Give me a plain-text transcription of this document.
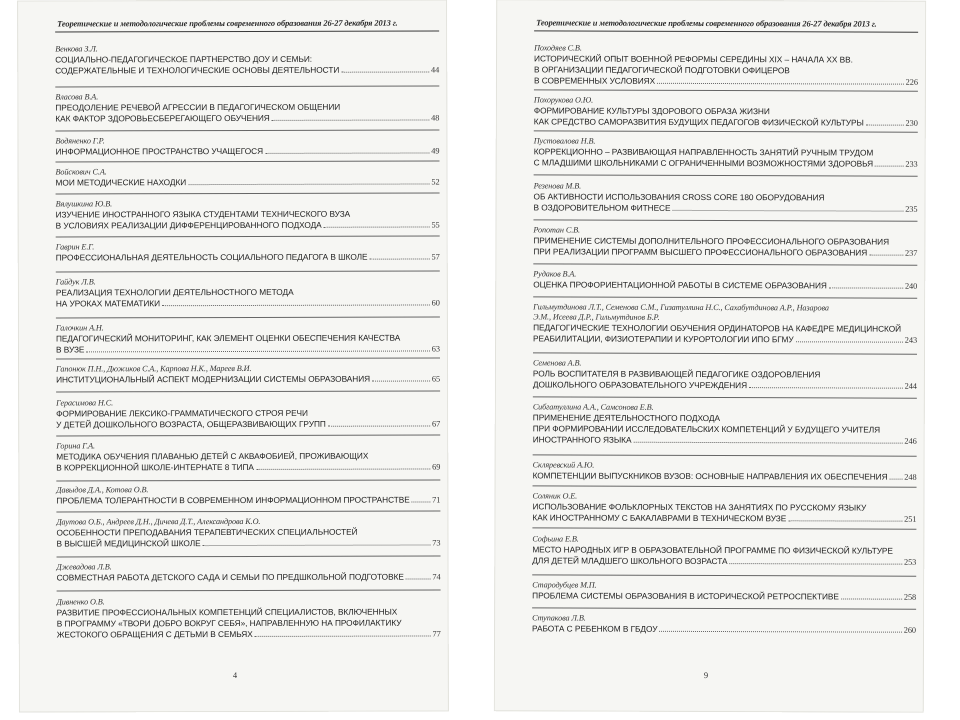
Теоретические и методологические проблемы современного образования 26-27 декабря 2013 г.
Венкова З.Л.
СОЦИАЛЬНО-ПЕДАГОГИЧЕСКОЕ ПАРТНЕРСТВО ДОУ И СЕМЬИ:
СОДЕРЖАТЕЛЬНЫЕ И ТЕХНОЛОГИЧЕСКИЕ ОСНОВЫ ДЕЯТЕЛЬНОСТИ	44
Власова В.А.
ПРЕОДОЛЕНИЕ РЕЧЕВОЙ АГРЕССИИ В ПЕДАГОГИЧЕСКОМ ОБЩЕНИИ
КАК ФАКТОР ЗДОРОВЬЕСБЕРЕГАЮЩЕГО ОБУЧЕНИЯ	48
Водяненко Г.Р.
ИНФОРМАЦИОННОЕ ПРОСТРАНСТВО УЧАЩЕГОСЯ	49
Войскович С.А.
МОИ МЕТОДИЧЕСКИЕ НАХОДКИ	52
Вялушкина Ю.В.
ИЗУЧЕНИЕ ИНОСТРАННОГО ЯЗЫКА СТУДЕНТАМИ ТЕХНИЧЕСКОГО ВУЗА
В УСЛОВИЯХ РЕАЛИЗАЦИИ ДИФФЕРЕНЦИРОВАННОГО ПОДХОДА	55
Гаврин Е.Г.
ПРОФЕССИОНАЛЬНАЯ ДЕЯТЕЛЬНОСТЬ СОЦИАЛЬНОГО ПЕДАГОГА В ШКОЛЕ	57
Гайдук Л.В.
РЕАЛИЗАЦИЯ ТЕХНОЛОГИИ ДЕЯТЕЛЬНОСТНОГО МЕТОДА
НА УРОКАХ МАТЕМАТИКИ	60
Галочкин А.Н.
ПЕДАГОГИЧЕСКИЙ МОНИТОРИНГ, КАК ЭЛЕМЕНТ ОЦЕНКИ ОБЕСПЕЧЕНИЯ КАЧЕСТВА
В ВУЗЕ	63
Гапонюк П.Н., Дюжиков С.А., Карпова Н.К., Мареев В.И.
ИНСТИТУЦИОНАЛЬНЫЙ АСПЕКТ МОДЕРНИЗАЦИИ СИСТЕМЫ ОБРАЗОВАНИЯ	65
Герасимова Н.С.
ФОРМИРОВАНИЕ ЛЕКСИКО-ГРАММАТИЧЕСКОГО СТРОЯ РЕЧИ
У ДЕТЕЙ ДОШКОЛЬНОГО ВОЗРАСТА, ОБЩЕРАЗВИВАЮЩИХ ГРУПП	67
Горина Г.А.
МЕТОДИКА ОБУЧЕНИЯ ПЛАВАНЬЮ ДЕТЕЙ С АКВАФОБИЕЙ, ПРОЖИВАЮЩИХ
В КОРРЕКЦИОННОЙ ШКОЛЕ-ИНТЕРНАТЕ 8 ТИПА	69
Давыдов Д.А., Котова О.В.
ПРОБЛЕМА ТОЛЕРАНТНОСТИ В СОВРЕМЕННОМ ИНФОРМАЦИОННОМ ПРОСТРАНСТВЕ	71
Даутова О.Б., Андреев Д.Н., Дичева Д.Т., Александрова К.О.
ОСОБЕННОСТИ ПРЕПОДАВАНИЯ ТЕРАПЕВТИЧЕСКИХ СПЕЦИАЛЬНОСТЕЙ
В ВЫСШЕЙ МЕДИЦИНСКОЙ ШКОЛЕ	73
Джевадова Л.В.
СОВМЕСТНАЯ РАБОТА ДЕТСКОГО САДА И СЕМЬИ ПО ПРЕДШКОЛЬНОЙ ПОДГОТОВКЕ	74
Дивненко О.В.
РАЗВИТИЕ ПРОФЕССИОНАЛЬНЫХ КОМПЕТЕНЦИЙ СПЕЦИАЛИСТОВ, ВКЛЮЧЕННЫХ
В ПРОГРАММУ «ТВОРИ ДОБРО ВОКРУГ СЕБЯ», НАПРАВЛЕННУЮ НА ПРОФИЛАКТИКУ
ЖЕСТОКОГО ОБРАЩЕНИЯ С ДЕТЬМИ В СЕМЬЯХ	77
4
Теоретические и методологические проблемы современного образования 26-27 декабря 2013 г.
Походяев С.В.
ИСТОРИЧЕСКИЙ ОПЫТ ВОЕННОЙ РЕФОРМЫ СЕРЕДИНЫ XIX – НАЧАЛА XX ВВ.
В ОРГАНИЗАЦИИ ПЕДАГОГИЧЕСКОЙ ПОДГОТОВКИ ОФИЦЕРОВ
В СОВРЕМЕННЫХ УСЛОВИЯХ	226
Похорукова О.Ю.
ФОРМИРОВАНИЕ КУЛЬТУРЫ ЗДОРОВОГО ОБРАЗА ЖИЗНИ
КАК СРЕДСТВО САМОРАЗВИТИЯ БУДУЩИХ ПЕДАГОГОВ ФИЗИЧЕСКОЙ КУЛЬТУРЫ	230
Пустовалова Н.В.
КОРРЕКЦИОННО – РАЗВИВАЮЩАЯ НАПРАВЛЕННОСТЬ ЗАНЯТИЙ РУЧНЫМ ТРУДОМ
С МЛАДШИМИ ШКОЛЬНИКАМИ С ОГРАНИЧЕННЫМИ ВОЗМОЖНОСТЯМИ ЗДОРОВЬЯ	233
Резенова М.В.
ОБ АКТИВНОСТИ ИСПОЛЬЗОВАНИЯ CROSS CORE 180 ОБОРУДОВАНИЯ
В ОЗДОРОВИТЕЛЬНОМ ФИТНЕСЕ	235
Ропотан С.В.
ПРИМЕНЕНИЕ СИСТЕМЫ ДОПОЛНИТЕЛЬНОГО ПРОФЕССИОНАЛЬНОГО ОБРАЗОВАНИЯ
ПРИ РЕАЛИЗАЦИИ ПРОГРАММ ВЫСШЕГО ПРОФЕССИОНАЛЬНОГО ОБРАЗОВАНИЯ	237
Рудаков В.А.
ОЦЕНКА ПРОФОРИЕНТАЦИОННОЙ РАБОТЫ В СИСТЕМЕ ОБРАЗОВАНИЯ	240
Гильмутдинова Л.Т., Семенова С.М., Гизатуллина Н.С., Сахабутдинова А.Р., Назарова
Э.М., Исеева Д.Р., Гильмутдинов Б.Р.
ПЕДАГОГИЧЕСКИЕ ТЕХНОЛОГИИ ОБУЧЕНИЯ ОРДИНАТОРОВ НА КАФЕДРЕ МЕДИЦИНСКОЙ
РЕАБИЛИТАЦИИ, ФИЗИОТЕРАПИИ И КУРОРТОЛОГИИ ИПО БГМУ	243
Семенова А.В.
РОЛЬ ВОСПИТАТЕЛЯ В РАЗВИВАЮЩЕЙ ПЕДАГОГИКЕ ОЗДОРОВЛЕНИЯ
ДОШКОЛЬНОГО ОБРАЗОВАТЕЛЬНОГО УЧРЕЖДЕНИЯ	244
Сибгатуллина А.А., Самсонова Е.В.
ПРИМЕНЕНИЕ ДЕЯТЕЛЬНОСТНОГО ПОДХОДА
ПРИ ФОРМИРОВАНИИ ИССЛЕДОВАТЕЛЬСКИХ КОМПЕТЕНЦИЙ У БУДУЩЕГО УЧИТЕЛЯ
ИНОСТРАННОГО ЯЗЫКА	246
Скляревский А.Ю.
КОМПЕТЕНЦИИ ВЫПУСКНИКОВ ВУЗОВ: ОСНОВНЫЕ НАПРАВЛЕНИЯ ИХ ОБЕСПЕЧЕНИЯ 248
Соляник О.Е.
ИСПОЛЬЗОВАНИЕ ФОЛЬКЛОРНЫХ ТЕКСТОВ НА ЗАНЯТИЯХ ПО РУССКОМУ ЯЗЫКУ
КАК ИНОСТРАННОМУ С БАКАЛАВРАМИ В ТЕХНИЧЕСКОМ ВУЗЕ	251
Софьина Е.В.
МЕСТО НАРОДНЫХ ИГР В ОБРАЗОВАТЕЛЬНОЙ ПРОГРАММЕ ПО ФИЗИЧЕСКОЙ КУЛЬТУРЕ
ДЛЯ ДЕТЕЙ МЛАДШЕГО ШКОЛЬНОГО ВОЗРАСТА	253
Стародубцев М.П.
ПРОБЛЕМА СИСТЕМЫ ОБРАЗОВАНИЯ В ИСТОРИЧЕСКОЙ РЕТРОСПЕКТИВЕ	258
Ступакова Л.В.
РАБОТА С РЕБЕНКОМ В ГБДОУ	260
9
